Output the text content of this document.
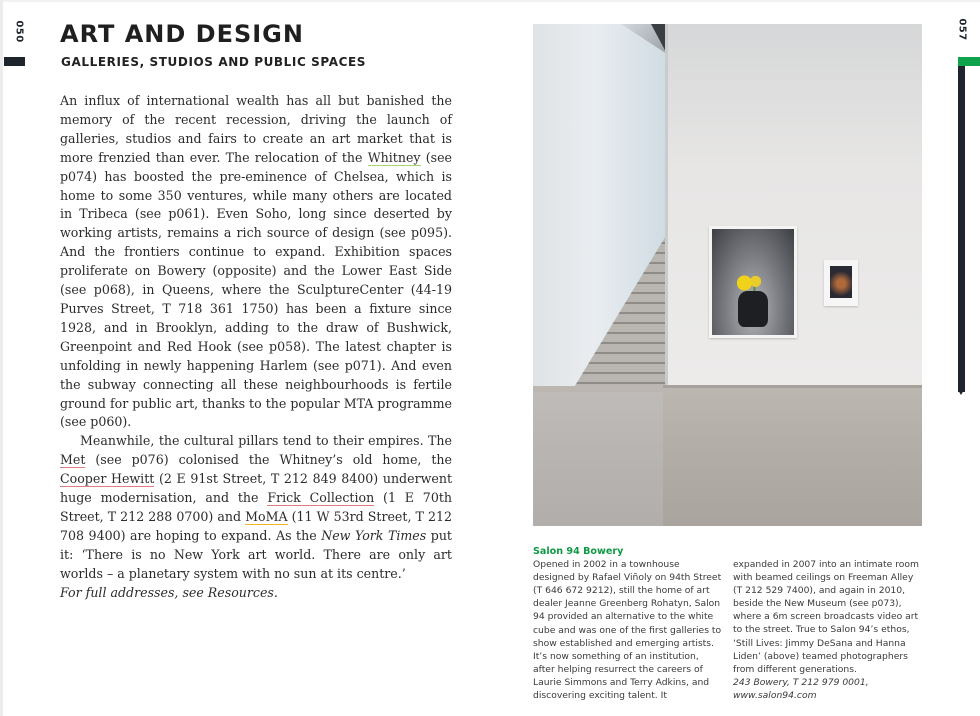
050 ART AND DESIGN
GALLERIES, STUDIOS AND PUBLIC SPACES

An influx of international wealth has all but banished the memory of the recent recession, driving the launch of galleries, studios and fairs to create an art market that is more frenzied than ever. The relocation of the Whitney (see p074) has boosted the pre-eminence of Chelsea, which is home to some 350 ventures, while many others are located in Tribeca (see p061). Even Soho, long since deserted by working artists, remains a rich source of design (see p095). And the frontiers continue to expand. Exhibition spaces proliferate on Bowery (opposite) and the Lower East Side (see p068), in Queens, where the SculptureCenter (44-19 Purves Street, T 718 361 1750) has been a fixture since 1928, and in Brooklyn, adding to the draw of Bushwick, Greenpoint and Red Hook (see p058). The latest chapter is unfolding in newly happening Harlem (see p071). And even the subway connecting all these neighbourhoods is fertile ground for public art, thanks to the popular MTA programme (see p060).

Meanwhile, the cultural pillars tend to their empires. The Met (see p076) colonised the Whitney’s old home, the Cooper Hewitt (2 E 91st Street, T 212 849 8400) underwent huge modernisation, and the Frick Collection (1 E 70th Street, T 212 288 0700) and MoMA (11 W 53rd Street, T 212 708 9400) are hoping to expand. As the New York Times put it: ‘There is no New York art world. There are only art worlds – a planetary system with no sun at its centre.’

For full addresses, see Resources.

057

Salon 94 Bowery

Opened in 2002 in a townhouse designed by Rafael Viñoly on 94th Street (T 646 672 9212), still the home of art dealer Jeanne Greenberg Rohatyn, Salon 94 provided an alternative to the white cube and was one of the first galleries to show established and emerging artists. It’s now something of an institution, after helping resurrect the careers of Laurie Simmons and Terry Adkins, and discovering exciting talent. It

expanded in 2007 into an intimate room with beamed ceilings on Freeman Alley (T 212 529 7400), and again in 2010, beside the New Museum (see p073), where a 6m screen broadcasts video art to the street. True to Salon 94’s ethos, ‘Still Lives: Jimmy DeSana and Hanna Liden’ (above) teamed photographers from different generations.

243 Bowery, T 212 979 0001,

www.salon94.com
